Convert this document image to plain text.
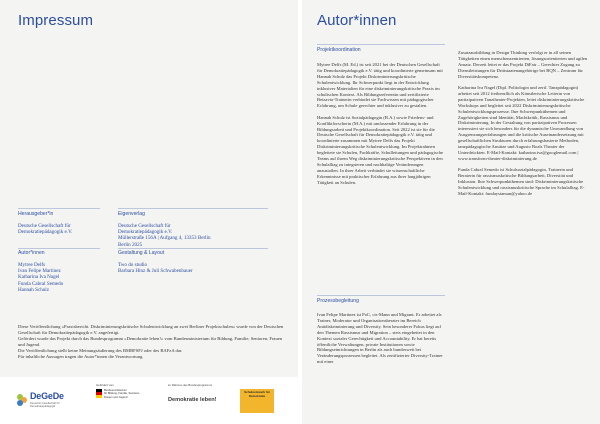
Impressum
Herausgeber*in
Deutsche Gesellschaft für
Demokratiepädagogik e.V.
Eigenverlag
Deutsche Gesellschaft für
Demokratiepädagogik e.V.
Müllerstraße 156A | Aufgang 4, 13353 Berlin
Berlin 2025
Autor*innen
Mytree Delfs
Ivan Felipe Martinez
Katharina Iva Nagel
Funda Cabral Semedo
Hannah Schulz
Gestaltung & Layout
Two do studio
Barbara Hinz & Juli Schwabenbauer
Diese Veröffentlichung »Praxisbericht. Diskriminierungskritische Schulentwicklung an zwei Berliner Projektschulen« wurde von der Deutschen Gesellschaft für Demokratiepädagogik e.V. angefertigt.
Gefördert wurde das Projekt durch das Bundesprogramm »Demokratie leben!« vom Bundesministerium für Bildung, Familie, Senioren, Frauen und Jugend.
Die Veröffentlichung stellt keine Meinungsäußerung des BMBFSFJ oder des BAFzA dar.
Für inhaltliche Aussagen tragen die Autor*innen die Verantwortung.
DeGeDe
Deutsche Gesellschaft für Demokratiepädagogik
Gefördert vom
Bundesministerium
für Bildung, Familie, Senioren,
Frauen und Jugend
im Rahmen des Bundesprogramms
Demokratie leben!
Schulnetzwerk für Demokratie
Autor*innen
Projektkoordination

Mytree Delfs (M. Ed.) ist seit 2021 bei der Deutschen Gesellschaft für Demokratiepädagogik e.V. tätig und koordinierte gemeinsam mit Hannah Schulz das Projekt Diskriminierungskritische Schulentwicklung. Ihr Schwerpunkt liegt in der Entwicklung inklusiver Materialien für eine diskriminierungskritische Praxis im schulischen Kontext. Als Bildungsreferentin und zertifizierte Betzavta-Trainerin verbindet sie Fachwissen mit pädagogischer Erfahrung, um Schule gerechter und inklusiver zu gestalten.

Hannah Schulz ist Sozialpädagogin (B.A.) sowie Friedens- und Konfliktforscherin (M.A.) mit umfassender Erfahrung in der Bildungsarbeit und Projektkoordination. Seit 2022 ist sie für die Deutsche Gesellschaft für Demokratiepädagogik e.V. tätig und koordinierte zusammen mit Mytree Delfs das Projekt Diskriminierungskritische Schulentwicklung. Im Projektrahmen begleitete sie Schulen, Fachkräfte, Schulleitungen und pädagogische Teams auf ihrem Weg diskriminierungskritische Perspektiven in den Schulalltag zu integrieren und nachhaltige Veränderungen anzustoßen. In ihrer Arbeit verbindet sie wissenschaftliche Erkenntnisse mit praktischer Erfahrung aus ihrer langjährigen Tätigkeit an Schulen.

Prozessbegleitung
Ivan Felipe Martinez ist PoC, cis-Mann und Migrant. Er arbeitet als Trainer, Moderator und Organisationsberater im Bereich Antidiskriminierung und Diversity. Sein besonderer Fokus liegt auf den Themen Rassismus und Migration – stets eingebettet in den Kontext sozialer Gerechtigkeit und Accountability. Er hat bereits öffentliche Verwaltungen, private Institutionen sowie Bildungseinrichtungen in Berlin als auch bundesweit bei Veränderungsprozessen begleitet. Als zertifizierter Diversity-Trainer mit einer

Zusatzausbildung in Design Thinking verfolgt er in all seinen Tätigkeiten einen menschenzentrierten, lösungsorientierten und agilen Ansatz. Derzeit leitet er das Projekt DiFair – Gerechter Zugang zu Dienstleistungen für Drittstaatenangehörige bei BQN – Zentrum für Diversitätskompetenz.

Katharina Iva Nagel (Dipl. Politologin und zertf. Tanzpädagogin) arbeitet seit 2012 freiberuflich als Künstlerische Leiterin von partizipativen Tanztheater-Projekten, leitet diskriminierungskritische Workshops und begleitet seit 2022 Diskriminierungskritische Schulentwicklungsprozesse. Ihre Schwerpunktthemen und Zugehörigkeiten sind Identität, Machtkritik, Rassismus und Diskriminierung. In der Gestaltung von partizipativen Prozessen interessiert sie sich besonders für die dynamische Umwandlung von Ausgrenzungserfahrungen und die kritische Auseinandersetzung mit gesellschaftlichen Strukturen durch erfahrungsbasierte Methoden, tanzpädagogische Ansätze und Augusto Boals Theater der Unterdrückten. E-Mail-Kontakt: katharina.iva@googlemail.com | www.transform-theater-diskriminierung.de

Funda Cabral Semedo ist Schulsozialpädagogin, Trainerin und Beraterin für rassismuskritische Bildungsarbeit, Diversität und Inklusion. Ihre Schwerpunktthemen sind: Diskriminierungskritische Schulentwicklung und rassismuskritische Sprache im Schulalltag. E-Mail-Kontakt: fundaystaman@yahoo.de
